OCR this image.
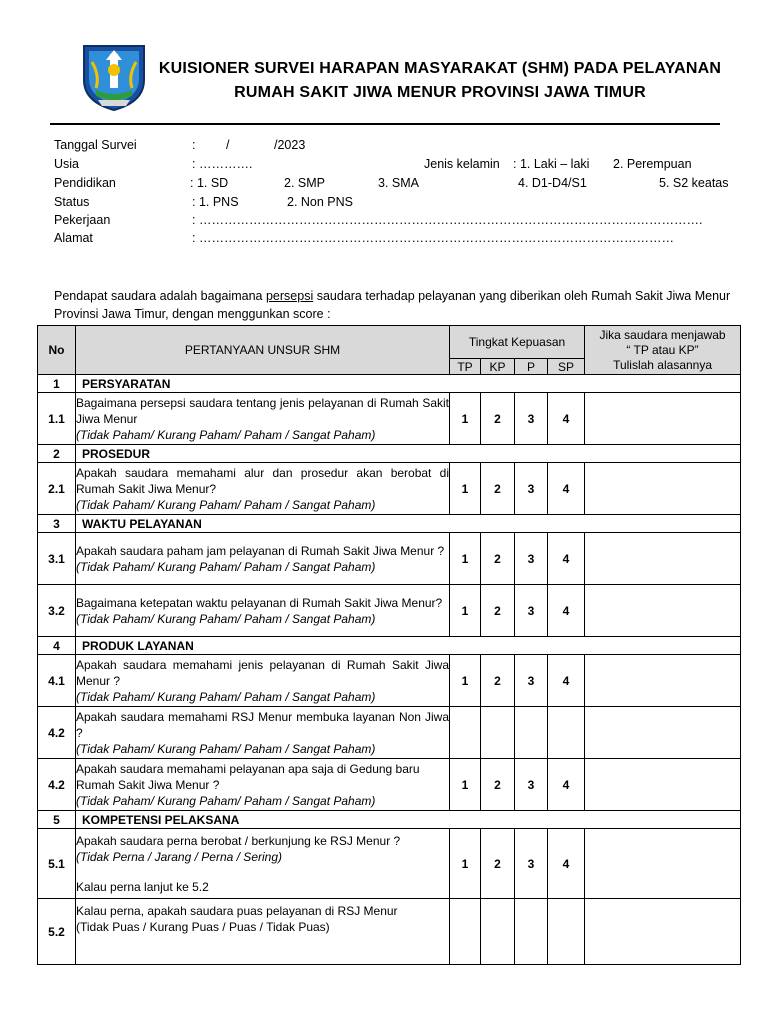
KUISIONER SURVEI HARAPAN MASYARAKAT (SHM) PADA PELAYANAN
RUMAH SAKIT JIWA MENUR PROVINSI JAWA TIMUR
Tanggal Survei	: /	/2023
Usia	: ………….	Jenis kelamin : 1. Laki – laki 2. Perempuan
Pendidikan	: 1. SD	2. SMP	3. SMA	4. D1-D4/S1	5. S2 keatas
Status	: 1. PNS	2. Non PNS
Pekerjaan	: ………………………………………………………………………………………………………….
Alamat	: ……………………………………………………………………………………………………
Pendapat saudara adalah bagaimana persepsi saudara terhadap pelayanan yang diberikan oleh Rumah Sakit Jiwa Menur Provinsi Jawa Timur, dengan menggunkan score :
No	PERTANYAAN UNSUR SHM	Tingkat Kepuasan				Jika saudara menjawab
“ TP atau KP”
Tulislah alasannya

		TP	KP	P	SP	
1	PERSYARATAN					
1.1	Bagaimana persepsi saudara tentang jenis pelayanan di Rumah Sakit Jiwa Menur
(Tidak Paham/ Kurang Paham/ Paham / Sangat Paham)	1	2	3	4	
2	PROSEDUR					
2.1	Apakah saudara memahami alur dan prosedur akan berobat di Rumah Sakit Jiwa Menur?
(Tidak Paham/ Kurang Paham/ Paham / Sangat Paham)	1	2	3	4	
3	WAKTU PELAYANAN					
3.1	Apakah saudara paham jam pelayanan di Rumah Sakit Jiwa Menur ?
(Tidak Paham/ Kurang Paham/ Paham / Sangat Paham)	1	2	3	4	
3.2	Bagaimana ketepatan waktu pelayanan di Rumah Sakit Jiwa Menur?
(Tidak Paham/ Kurang Paham/ Paham / Sangat Paham)	1	2	3	4	
4	PRODUK LAYANAN					
4.1	Apakah saudara memahami jenis pelayanan di Rumah Sakit Jiwa Menur ?
(Tidak Paham/ Kurang Paham/ Paham / Sangat Paham)	1	2	3	4	
4.2	Apakah saudara memahami RSJ Menur membuka layanan Non Jiwa ?
(Tidak Paham/ Kurang Paham/ Paham / Sangat Paham)					

4.2	Apakah saudara memahami pelayanan apa saja di Gedung baru Rumah Sakit Jiwa Menur ?
(Tidak Paham/ Kurang Paham/ Paham / Sangat Paham)	1	2	3	4	
5	KOMPETENSI PELAKSANA					
5.1	Apakah saudara perna berobat / berkunjung ke RSJ Menur ?
(Tidak Perna / Jarang / Perna / Sering)
Kalau perna lanjut ke 5.2	1	2	3	4	
5.2	Kalau perna, apakah saudara puas pelayanan di RSJ Menur
(Tidak Puas / Kurang Puas / Puas / Tidak Puas)					
